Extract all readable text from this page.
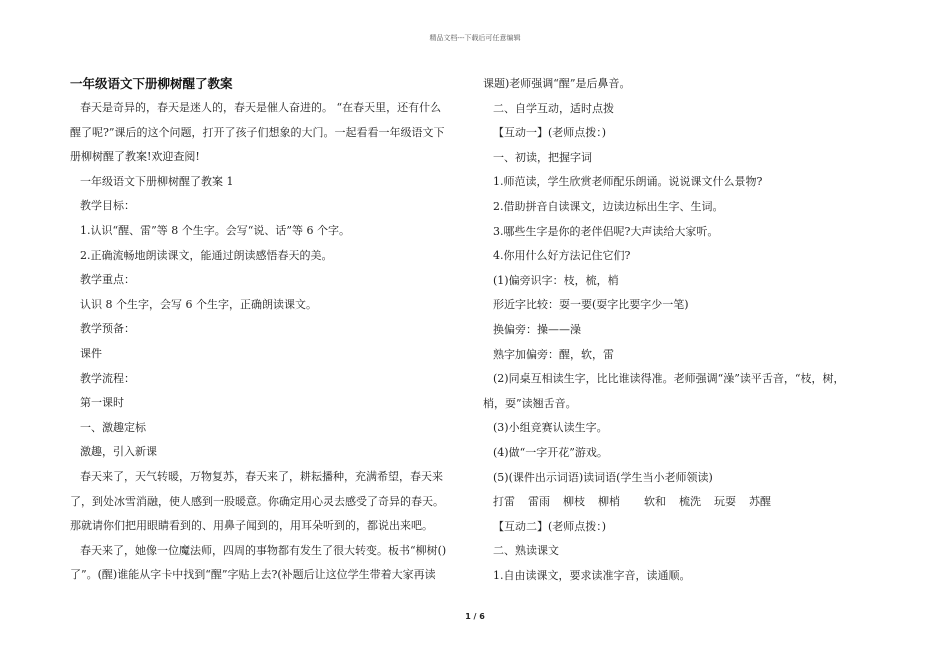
精品文档---下载后可任意编辑
一年级语文下册柳树醒了教案

春天是奇异的，春天是迷人的，春天是催人奋进的。 “在春天里，还有什么

醒了呢?”课后的这个问题，打开了孩子们想象的大门。一起看看一年级语文下

册柳树醒了教案!欢迎查阅!

一年级语文下册柳树醒了教案 1

教学目标：

1.认识“醒、雷”等 8 个生字。会写“说、话”等 6 个字。

2.正确流畅地朗读课文，能通过朗读感悟春天的美。

教学重点：

认识 8 个生字，会写 6 个生字，正确朗读课文。

教学预备：

课件

教学流程：

第一课时

一、激趣定标

激趣，引入新课

春天来了，天气转暖，万物复苏，春天来了，耕耘播种，充满希望，春天来

了，到处冰雪消融，使人感到一股暖意。你确定用心灵去感受了奇异的春天。

那就请你们把用眼睛看到的、用鼻子闻到的，用耳朵听到的，都说出来吧。

春天来了，她像一位魔法师，四周的事物都有发生了很大转变。板书“柳树()

了”。(醒)谁能从字卡中找到“醒”字贴上去?(补题后让这位学生带着大家再读

课题)老师强调“醒”是后鼻音。

二、自学互动，适时点拨

【互动一】(老师点拨：)

一、初读，把握字词

1.师范读，学生欣赏老师配乐朗诵。说说课文什么景物?

2.借助拼音自读课文，边读边标出生字、生词。

3.哪些生字是你的老伴侣呢?大声读给大家听。

4.你用什么好方法记住它们?

(1)偏旁识字：枝，梳，梢

形近字比较：耍一要(耍字比要字少一笔)

换偏旁：操——澡

熟字加偏旁：醒，软，雷

(2)同桌互相读生字，比比谁读得准。老师强调“澡”读平舌音，“枝，树，

梢，耍”读翘舌音。

(3)小组竞赛认读生字。

(4)做“一字开花”游戏。

(5)(课件出示词语)读词语(学生当小老师领读)

打雷 雷雨 柳枝 柳梢 软和 梳洗 玩耍 苏醒

【互动二】(老师点拨：)

二、熟读课文

1.自由读课文，要求读准字音，读通顺。

1 / 6
